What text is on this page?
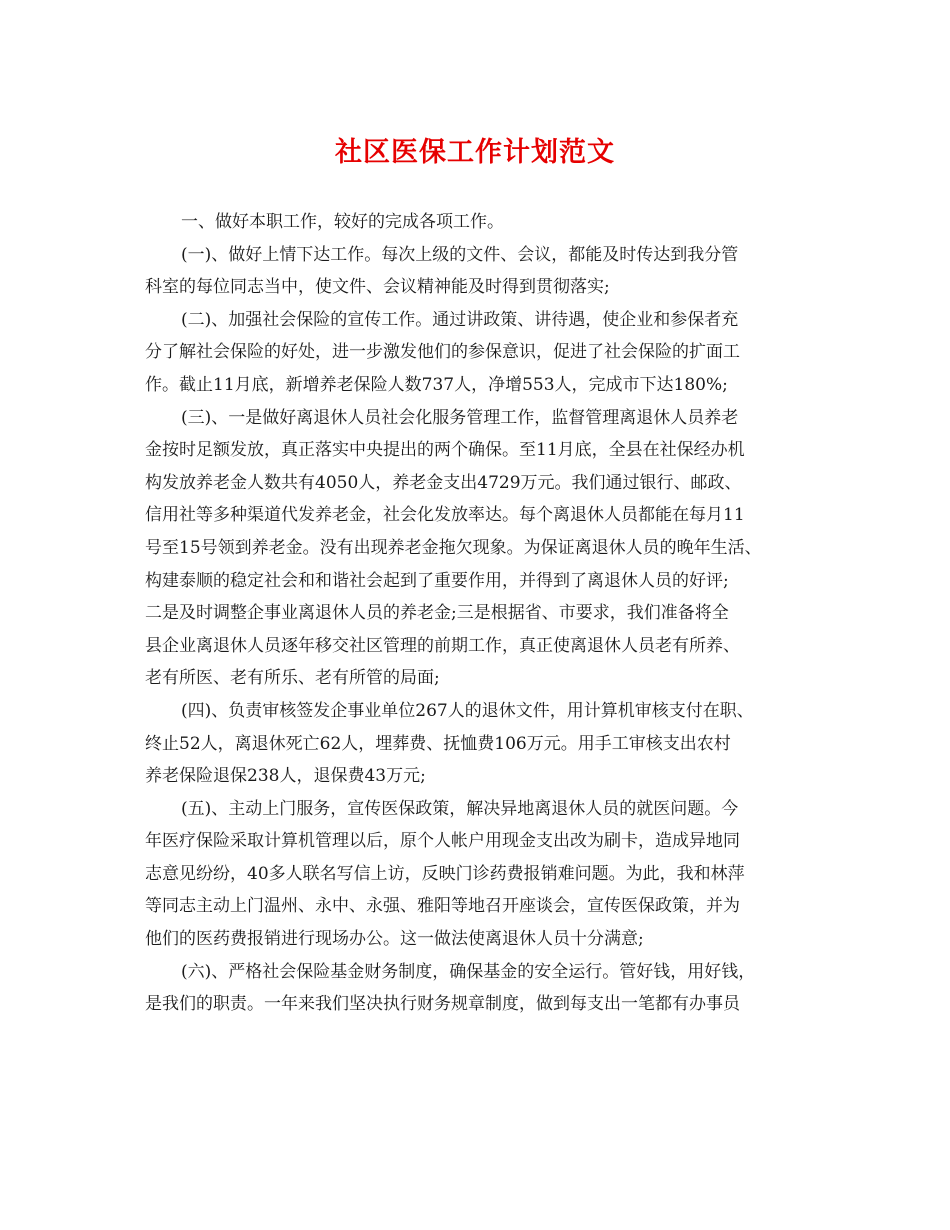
社区医保工作计划范文
一、做好本职工作，较好的完成各项工作。
(一)、做好上情下达工作。每次上级的文件、会议，都能及时传达到我分管
科室的每位同志当中，使文件、会议精神能及时得到贯彻落实;
(二)、加强社会保险的宣传工作。通过讲政策、讲待遇，使企业和参保者充
分了解社会保险的好处，进一步激发他们的参保意识，促进了社会保险的扩面工
作。截止11月底，新增养老保险人数737人，净增553人，完成市下达180%;
(三)、一是做好离退休人员社会化服务管理工作，监督管理离退休人员养老
金按时足额发放，真正落实中央提出的两个确保。至11月底，全县在社保经办机
构发放养老金人数共有4050人，养老金支出4729万元。我们通过银行、邮政、
信用社等多种渠道代发养老金，社会化发放率达。每个离退休人员都能在每月11
号至15号领到养老金。没有出现养老金拖欠现象。为保证离退休人员的晚年生活、
构建泰顺的稳定社会和和谐社会起到了重要作用，并得到了离退休人员的好评;
二是及时调整企事业离退休人员的养老金;三是根据省、市要求，我们准备将全
县企业离退休人员逐年移交社区管理的前期工作，真正使离退休人员老有所养、
老有所医、老有所乐、老有所管的局面;
(四)、负责审核签发企事业单位267人的退休文件，用计算机审核支付在职、
终止52人，离退休死亡62人，埋葬费、抚恤费106万元。用手工审核支出农村
养老保险退保238人，退保费43万元;
(五)、主动上门服务，宣传医保政策，解决异地离退休人员的就医问题。今
年医疗保险采取计算机管理以后，原个人帐户用现金支出改为刷卡，造成异地同
志意见纷纷，40多人联名写信上访，反映门诊药费报销难问题。为此，我和林萍
等同志主动上门温州、永中、永强、雅阳等地召开座谈会，宣传医保政策，并为
他们的医药费报销进行现场办公。这一做法使离退休人员十分满意;
(六)、严格社会保险基金财务制度，确保基金的安全运行。管好钱，用好钱，
是我们的职责。一年来我们坚决执行财务规章制度，做到每支出一笔都有办事员
